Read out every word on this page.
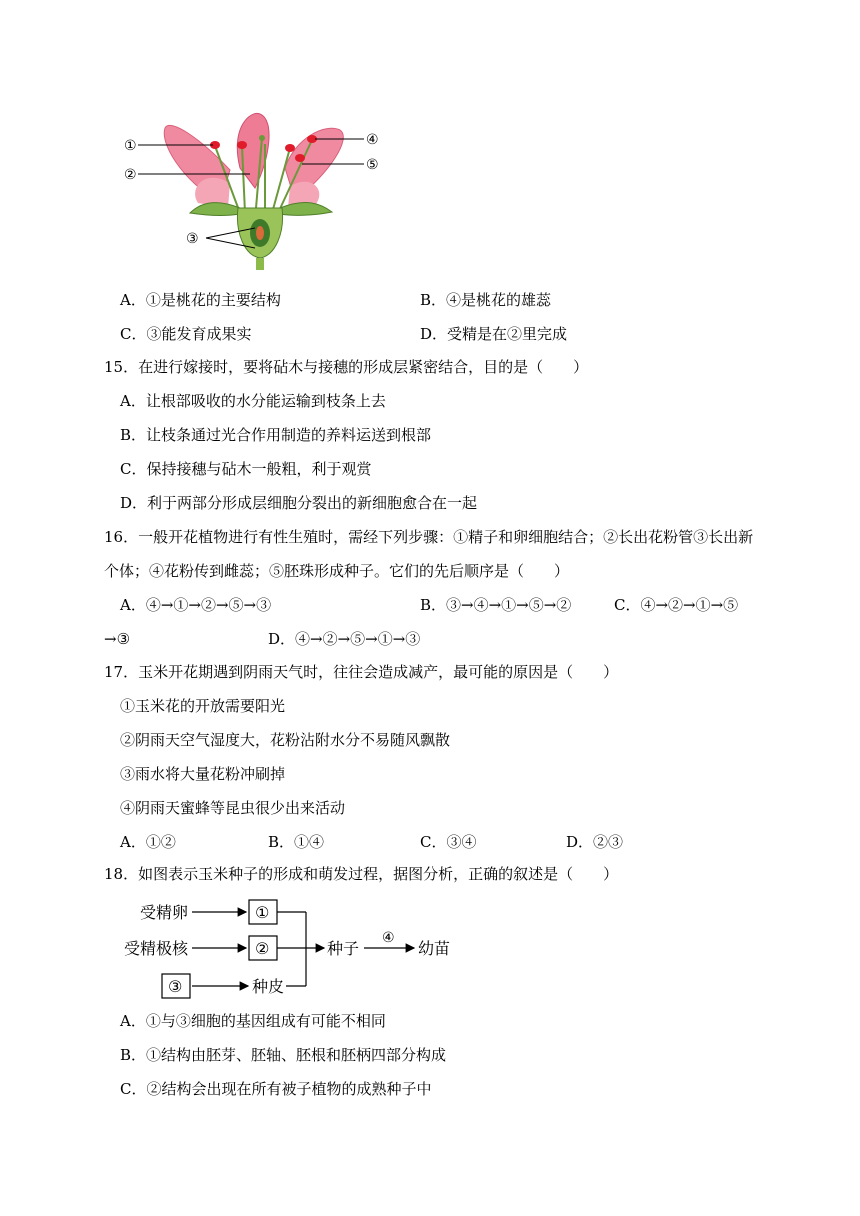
①
②
③
④
⑤
A．①是桃花的主要结构	B．④是桃花的雄蕊
C．③能发育成果实	D．受精是在②里完成
15．在进行嫁接时，要将砧木与接穗的形成层紧密结合，目的是（　　）
A．让根部吸收的水分能运输到枝条上去
B．让枝条通过光合作用制造的养料运送到根部
C．保持接穗与砧木一般粗，利于观赏
D．利于两部分形成层细胞分裂出的新细胞愈合在一起
16．一般开花植物进行有性生殖时，需经下列步骤：①精子和卵细胞结合；②长出花粉管③长出新
个体；④花粉传到雌蕊；⑤胚珠形成种子。它们的先后顺序是（　　）
A．④→①→②→⑤→③	B．③→④→①→⑤→②	C．④→②→①→⑤
→③	D．④→②→⑤→①→③
17．玉米开花期遇到阴雨天气时，往往会造成减产，最可能的原因是（　　）
①玉米花的开放需要阳光
②阴雨天空气湿度大，花粉沾附水分不易随风飘散
③雨水将大量花粉冲刷掉
④阴雨天蜜蜂等昆虫很少出来活动
A．①②	B．①④	C．③④	D．②③
18．如图表示玉米种子的形成和萌发过程，据图分析，正确的叙述是（　　）
受精卵	①
受精极核	②
③	种皮
种子
④
幼苗
A．①与③细胞的基因组成有可能不相同
B．①结构由胚芽、胚轴、胚根和胚柄四部分构成
C．②结构会出现在所有被子植物的成熟种子中
